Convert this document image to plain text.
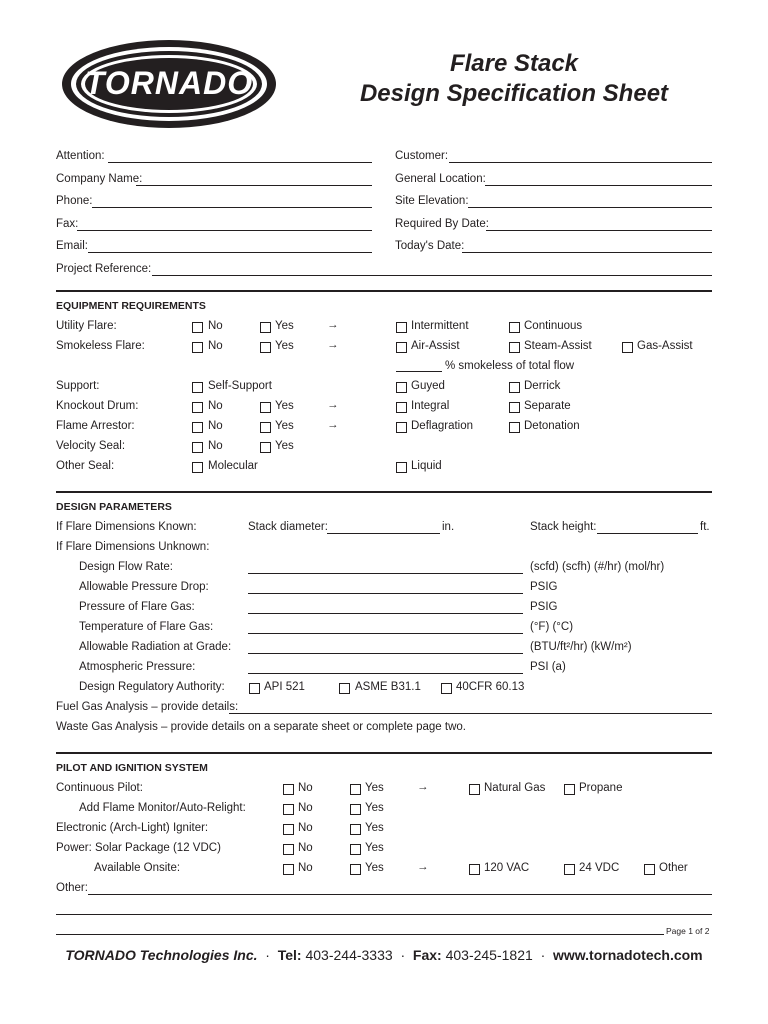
TORNADO
Flare Stack
Design Specification Sheet
Attention:
Company Name:
Phone:
Fax:
Email:
Project Reference:
Customer:
General Location:
Site Elevation:
Required By Date:
Today's Date:
EQUIPMENT REQUIREMENTS
Utility Flare:	No	Yes	→	Intermittent	Continuous
Smokeless Flare:	No	Yes	→	Air-Assist	Steam-Assist	Gas-Assist
% smokeless of total flow
Support:	Self-Support	Guyed	Derrick
Knockout Drum:	No	Yes	→	Integral	Separate
Flame Arrestor:	No	Yes	→	Deflagration	Detonation
Velocity Seal:	No	Yes
Other Seal:	Molecular	Liquid
DESIGN PARAMETERS
If Flare Dimensions Known:	Stack diameter:	in.	Stack height:	ft.
If Flare Dimensions Unknown:
Design Flow Rate:	(scfd) (scfh) (#/hr) (mol/hr)
Allowable Pressure Drop:	PSIG
Pressure of Flare Gas:	PSIG
Temperature of Flare Gas:	(°F) (°C)
Allowable Radiation at Grade:	(BTU/ft²/hr) (kW/m²)
Atmospheric Pressure:	PSI (a)
Design Regulatory Authority:	API 521	ASME B31.1	40CFR 60.13
Fuel Gas Analysis – provide details:
Waste Gas Analysis – provide details on a separate sheet or complete page two.
PILOT AND IGNITION SYSTEM
Continuous Pilot:	No	Yes	→	Natural Gas	Propane
Add Flame Monitor/Auto-Relight:	No	Yes
Electronic (Arch-Light) Igniter:	No	Yes
Power: Solar Package (12 VDC)	No	Yes
Available Onsite:	No	Yes	→	120 VAC	24 VDC	Other
Other:
Page 1 of 2
TORNADO Technologies Inc. · Tel: 403-244-3333 · Fax: 403-245-1821 · www.tornadotech.com
